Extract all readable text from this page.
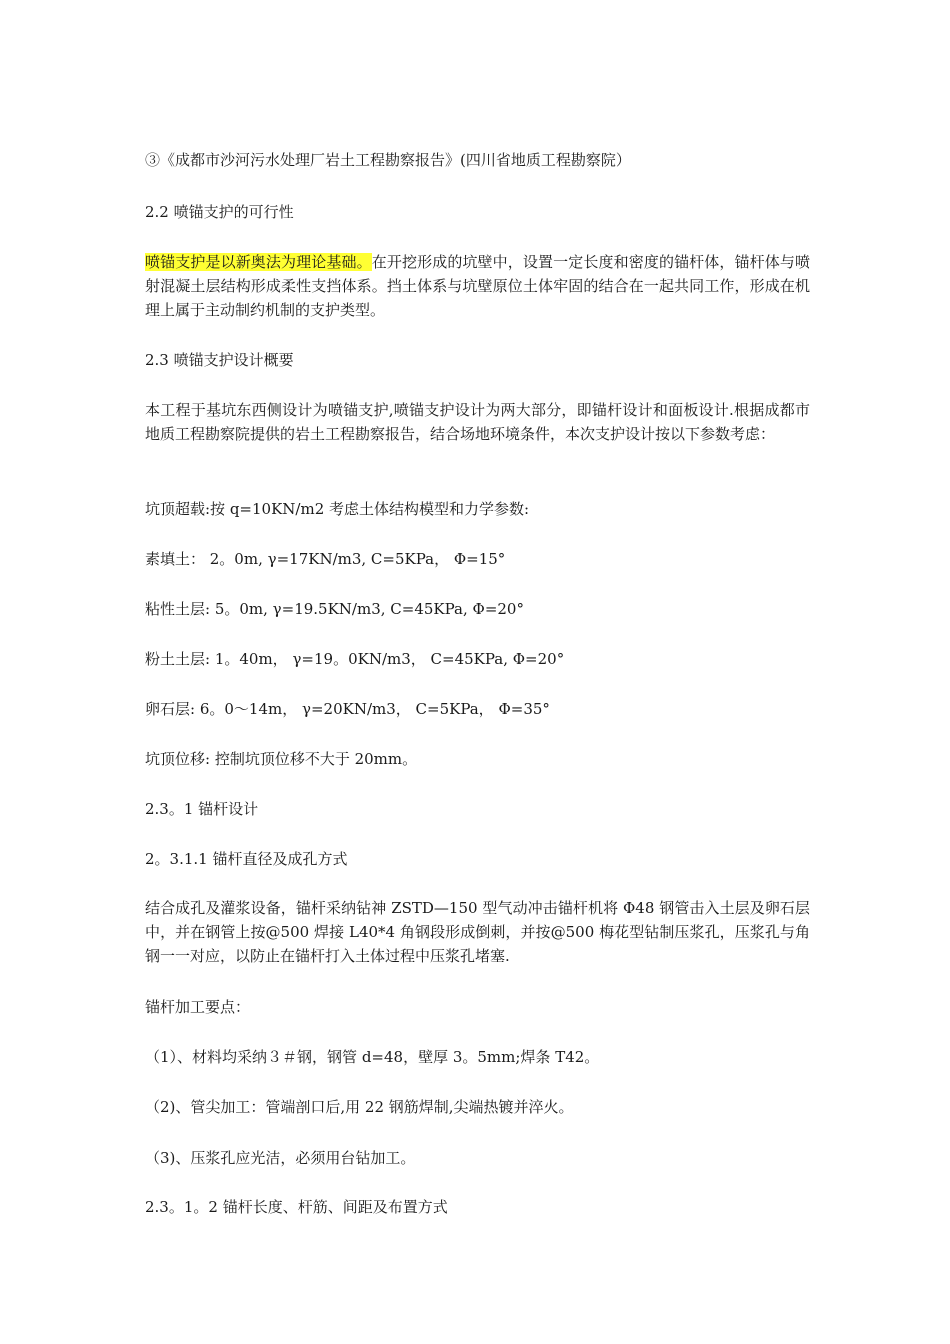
③《成都市沙河污水处理厂岩土工程勘察报告》(四川省地质工程勘察院）

2.2 喷锚支护的可行性

喷锚支护是以新奥法为理论基础。在开挖形成的坑壁中，设置一定长度和密度的锚杆体，锚杆体与喷射混凝土层结构形成柔性支挡体系。挡土体系与坑壁原位土体牢固的结合在一起共同工作，形成在机理上属于主动制约机制的支护类型。

2.3 喷锚支护设计概要

本工程于基坑东西侧设计为喷锚支护,喷锚支护设计为两大部分，即锚杆设计和面板设计.根据成都市地质工程勘察院提供的岩土工程勘察报告，结合场地环境条件，本次支护设计按以下参数考虑：

坑顶超载:按 q=10KN/m2 考虑土体结构模型和力学参数:

素填土： 2。0m, γ=17KN/m3, C=5KPa， Φ=15°

粘性土层: 5。0m, γ=19.5KN/m3, C=45KPa, Φ=20°

粉土土层: 1。40m， γ=19。0KN/m3， C=45KPa, Φ=20°

卵石层: 6。0～14m， γ=20KN/m3， C=5KPa， Φ=35°

坑顶位移: 控制坑顶位移不大于 20mm。

2.3。1 锚杆设计

2。3.1.1 锚杆直径及成孔方式

结合成孔及灌浆设备，锚杆采纳钻神 ZSTD—150 型气动冲击锚杆机将 Φ48 钢管击入土层及卵石层中，并在钢管上按@500 焊接 L40*4 角钢段形成倒刺，并按@500 梅花型钻制压浆孔，压浆孔与角钢一一对应，以防止在锚杆打入土体过程中压浆孔堵塞.

锚杆加工要点：

（1）、材料均采纳３＃钢，钢管 d=48，壁厚 3。5mm;焊条 T42。

（2)、管尖加工：管端剖口后,用 22 钢筋焊制,尖端热镀并淬火。

（3)、压浆孔应光洁，必须用台钻加工。

2.3。1。2 锚杆长度、杆筋、间距及布置方式
